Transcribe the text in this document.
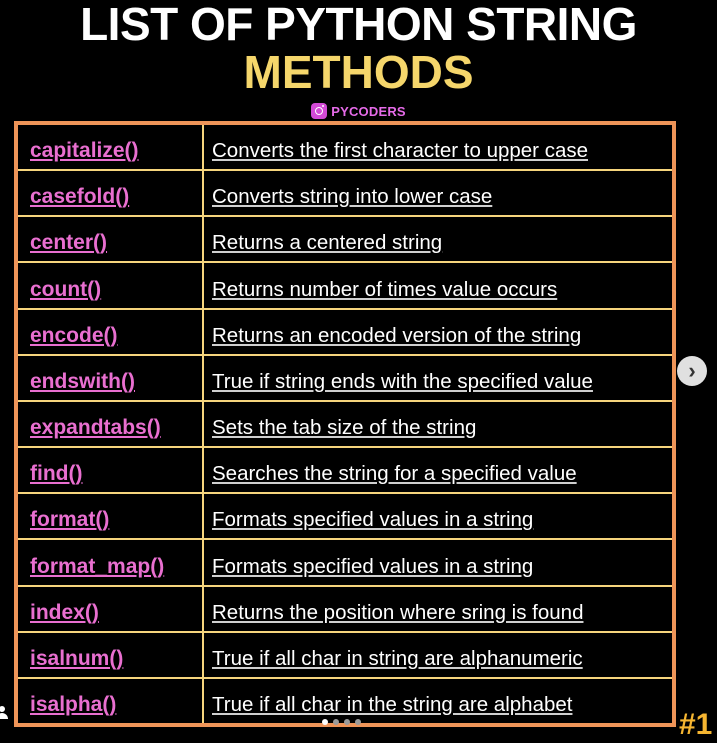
LIST OF PYTHON STRING
METHODS
PYCODERS
capitalize()	Converts the first character to upper case
casefold()	Converts string into lower case
center()	Returns a centered string
count()	Returns number of times value occurs
encode()	Returns an encoded version of the string
endswith()	True if string ends with the specified value
expandtabs()	Sets the tab size of the string
find()	Searches the string for a specified value
format()	Formats specified values in a string
format_map()	Formats specified values in a string
index()	Returns the position where sring is found
isalnum()	True if all char in string are alphanumeric
isalpha()	True if all char in the string are alphabet
›
#1
